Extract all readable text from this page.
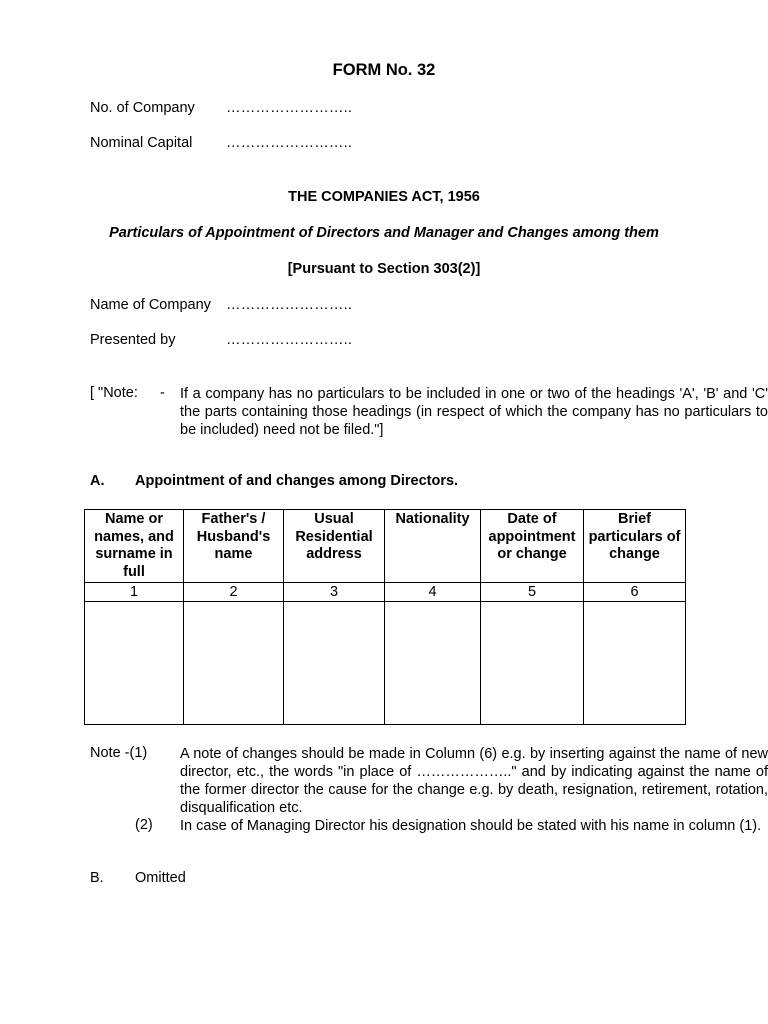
FORM No. 32
No. of Company ……………………..
Nominal Capital ……………………..
THE COMPANIES ACT, 1956
Particulars of Appointment of Directors and Manager and Changes among them
[Pursuant to Section 303(2)]
Name of Company ……………………..
Presented by	……………………..
[ "Note: - If a company has no particulars to be included in one or two of the headings 'A', 'B' and 'C' the parts containing those headings (in respect of which the company has no particulars to be included) need not be filed."]
A. Appointment of and changes among Directors.
Name or names, and surname in full	Father's / Husband's name	Usual Residential address	Nationality	Date of appointment or change	Brief particulars of change
1	2	3	4	5	6

Note -(1) A note of changes should be made in Column (6) e.g. by inserting against the name of new director, etc., the words "in place of ……………….." and by indicating against the name of the former director the cause for the change e.g. by death, resignation, retirement, rotation, disqualification etc.
(2) In case of Managing Director his designation should be stated with his name in column (1).
B. Omitted
